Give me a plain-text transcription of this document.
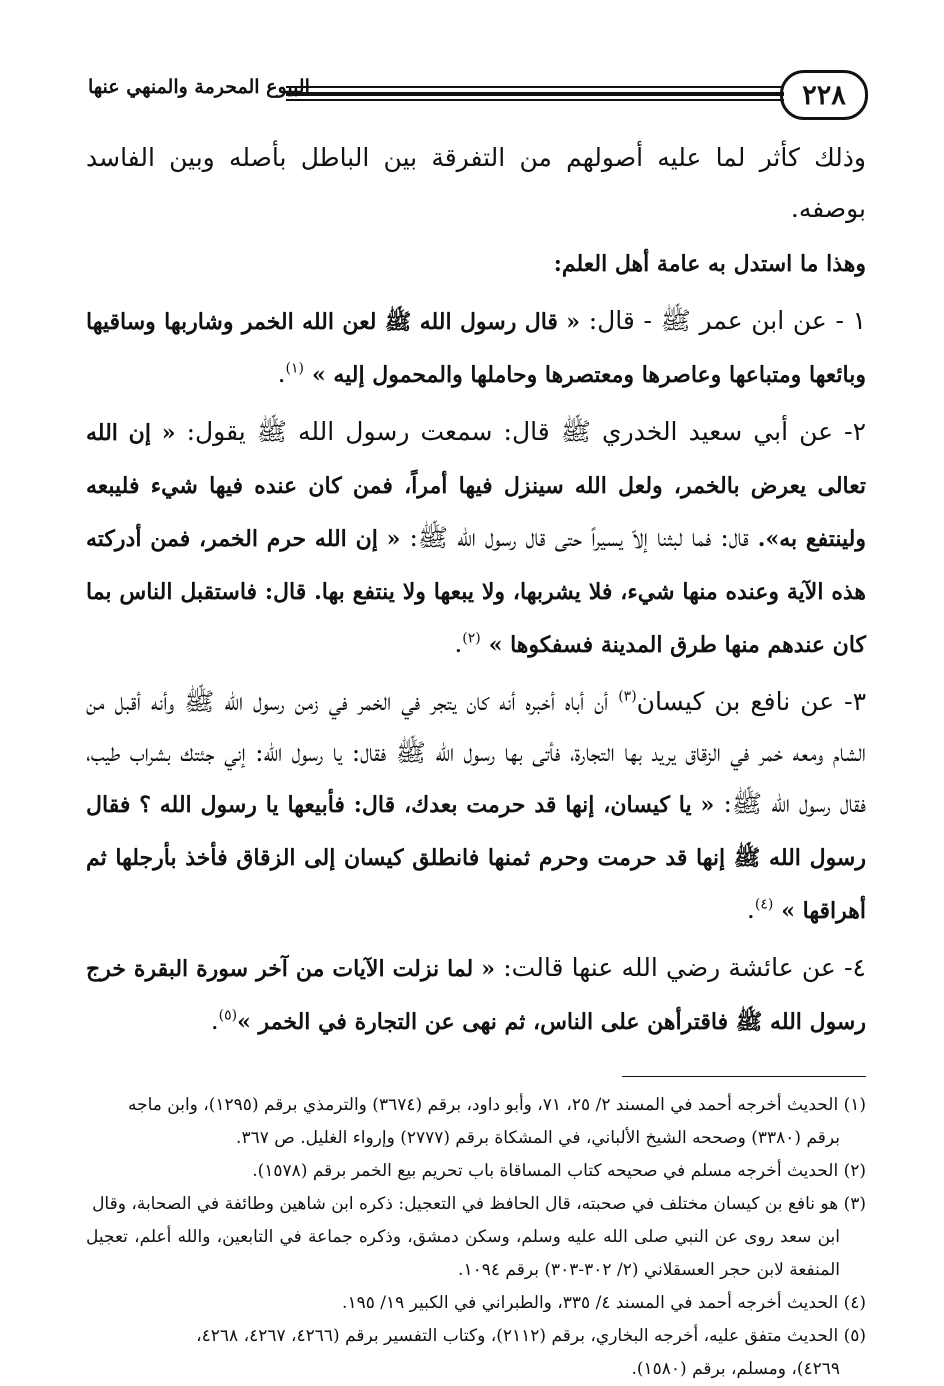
٢٢٨
البيوع المحرمة والمنهي عنها

وذلك كأثر لما عليه أصولهم من التفرقة بين الباطل بأصله وبين الفاسد بوصفه.

وهذا ما استدل به عامة أهل العلم:

١ - عن ابن عمر ﷺ - قال: « قال رسول الله ﷺ لعن الله الخمر وشاربها وساقيها وبائعها ومتباعها وعاصرها ومعتصرها وحاملها والمحمول إليه » $^{(١)}$.

٢- عن أبي سعيد الخدري ﷺ قال: سمعت رسول الله ﷺ يقول: « إن الله تعالى يعرض بالخمر، ولعل الله سينزل فيها أمراً، فمن كان عنده فيها شيء فليبعه ولينتفع به». قال: فما لبثنا إلاّ يسيراً حتى قال رسول الله ﷺ: « إن الله حرم الخمر، فمن أدركته هذه الآية وعنده منها شيء، فلا يشربها، ولا يبعها ولا ينتفع بها. قال: فاستقبل الناس بما كان عندهم منها طرق المدينة فسفكوها » $^{(٢)}$.

٣- عن نافع بن كيسان$^{(٣)}$ أن أباه أخبره أنه كان يتجر في الخمر في زمن رسول الله ﷺ وأنه أقبل من الشام ومعه خمر في الزقاق يريد بها التجارة، فأتى بها رسول الله ﷺ فقال: يا رسول الله: إني جئتك بشراب طيب، فقال رسول الله ﷺ: « يا كيسان، إنها قد حرمت بعدك، قال: فأبيعها يا رسول الله ؟ فقال رسول الله ﷺ إنها قد حرمت وحرم ثمنها فانطلق كيسان إلى الزقاق فأخذ بأرجلها ثم أهراقها » $^{(٤)}$.

٤- عن عائشة رضي الله عنها قالت: « لما نزلت الآيات من آخر سورة البقرة خرج رسول الله ﷺ فاقترأهن على الناس، ثم نهى عن التجارة في الخمر »$^{(٥)}$.

(١) الحديث أخرجه أحمد في المسند ٢/ ٢٥، ٧١، وأبو داود، برقم (٣٦٧٤) والترمذي برقم (١٢٩٥)، وابن ماجه
برقم (٣٣٨٠) وصححه الشيخ الألباني، في المشكاة برقم (٢٧٧٧) وإرواء الغليل. ص ٣٦٧.

(٢) الحديث أخرجه مسلم في صحيحه كتاب المساقاة باب تحريم بيع الخمر برقم (١٥٧٨).

(٣) هو نافع بن كيسان مختلف في صحبته، قال الحافظ في التعجيل: ذكره ابن شاهين وطائفة في الصحابة، وقال
ابن سعد روى عن النبي صلى الله عليه وسلم، وسكن دمشق، وذكره جماعة في التابعين، والله أعلم، تعجيل المنفعة لابن حجر العسقلاني (٢/ ٣٠٢-٣٠٣) برقم ١٠٩٤.

(٤) الحديث أخرجه أحمد في المسند ٤/ ٣٣٥، والطبراني في الكبير ١٩/ ١٩٥.

(٥) الحديث متفق عليه، أخرجه البخاري، برقم (٢١١٢)، وكتاب التفسير برقم (٤٢٦٦، ٤٢٦٧، ٤٢٦٨،
٤٢٦٩)، ومسلم، برقم (١٥٨٠).
